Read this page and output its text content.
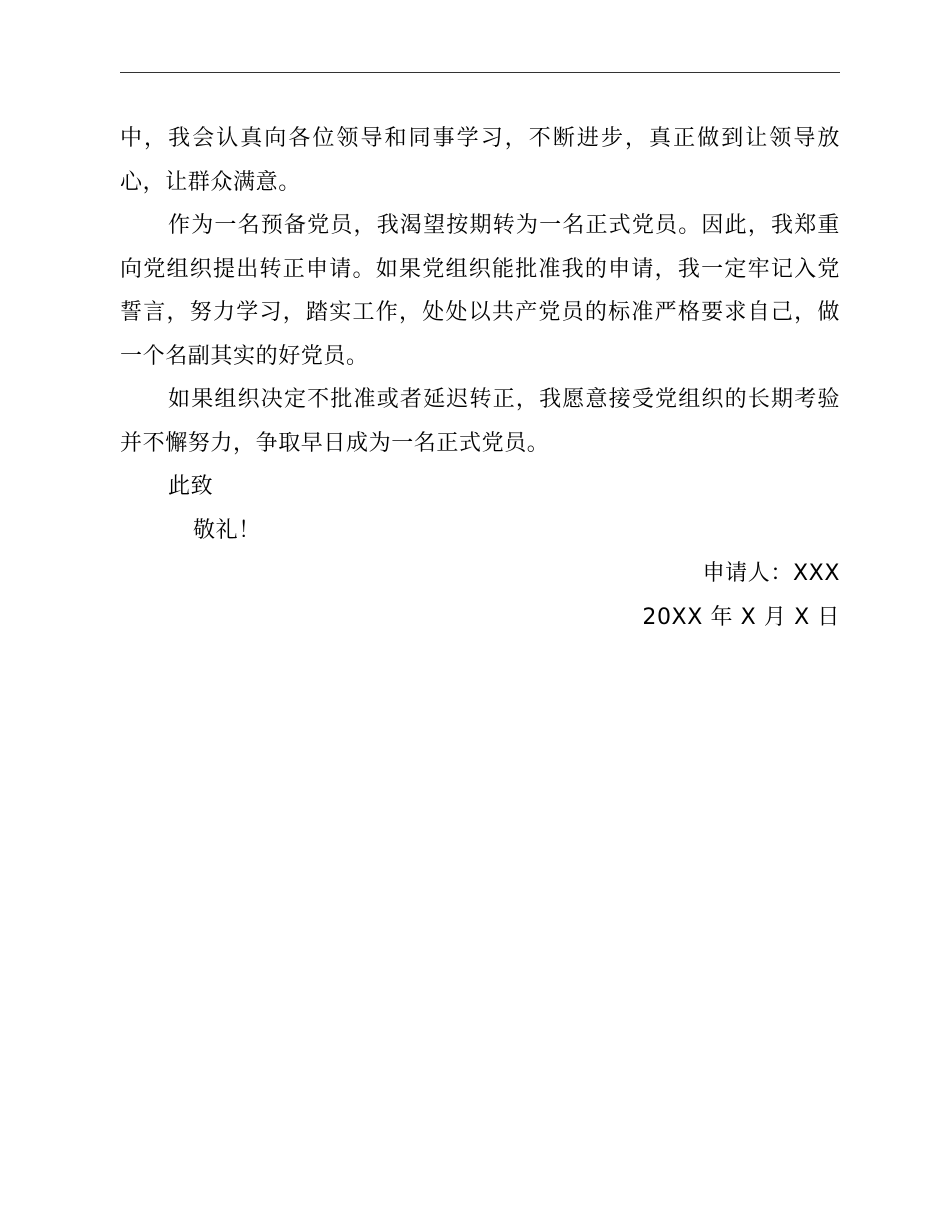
中，我会认真向各位领导和同事学习，不断进步，真正做到让领导放心，让群众满意。

作为一名预备党员，我渴望按期转为一名正式党员。因此，我郑重向党组织提出转正申请。如果党组织能批准我的申请，我一定牢记入党誓言，努力学习，踏实工作，处处以共产党员的标准严格要求自己，做一个名副其实的好党员。

如果组织决定不批准或者延迟转正，我愿意接受党组织的长期考验并不懈努力，争取早日成为一名正式党员。

此致

敬礼！

申请人：XXX

20XX 年 X 月 X 日
